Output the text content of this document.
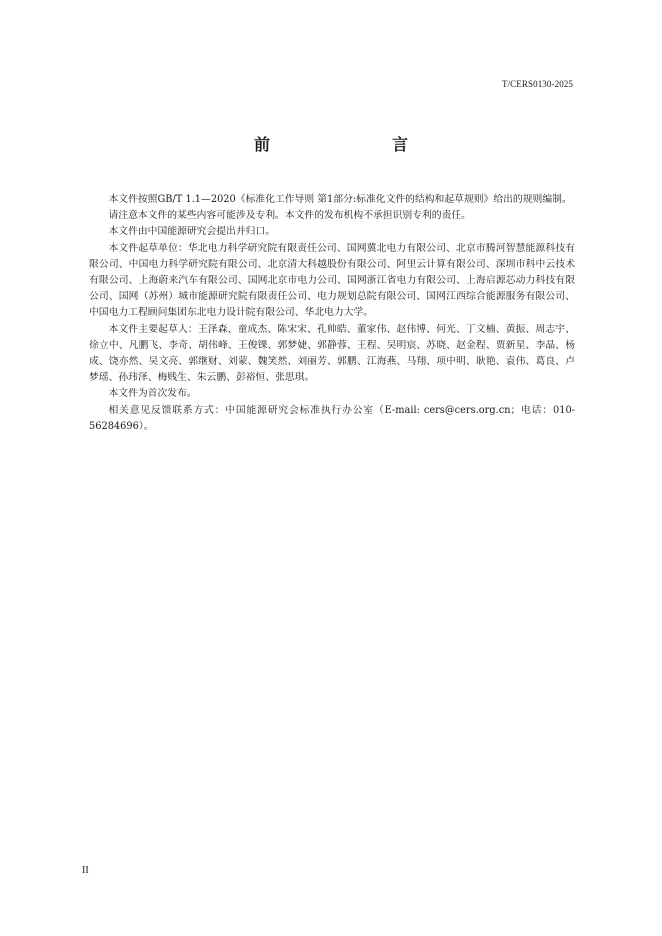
T/CERS0130-2025
前　　言

本文件按照GB/T 1.1—2020《标准化工作导则 第1部分:标准化文件的结构和起草规则》给出的规则编制。

请注意本文件的某些内容可能涉及专利。本文件的发布机构不承担识别专利的责任。

本文件由中国能源研究会提出并归口。

本文件起草单位：华北电力科学研究院有限责任公司、国网冀北电力有限公司、北京市腾河智慧能源科技有限公司、中国电力科学研究院有限公司、北京清大科越股份有限公司、阿里云计算有限公司、深圳市科中云技术有限公司、上海蔚来汽车有限公司、国网北京市电力公司、国网浙江省电力有限公司、上海启源芯动力科技有限公司、国网（苏州）城市能源研究院有限责任公司、电力规划总院有限公司、国网江西综合能源服务有限公司、中国电力工程顾问集团东北电力设计院有限公司、华北电力大学。

本文件主要起草人：王泽森、童成杰、陈宋宋、孔帅皓、董家伟、赵伟博、何光、丁文楠、黄振、周志宇、徐立中、凡鹏飞、李奇、胡伟峰、王俊锞、郭梦婕、郭静蓉、王程、吴明宸、苏晓、赵金程、贾新星、李晶、杨成、饶亦然、吴文亮、郭继财、刘蒙、魏笑然、刘丽芳、郭鹏、江海燕、马翔、项中明、耿艳、袁伟、葛良、卢梦瑶、孙玮泽、梅贱生、朱云鹏、彭裕恒、张思琪。

本文件为首次发布。

相关意见反馈联系方式：中国能源研究会标准执行办公室（E-mail: cers@cers.org.cn；电话：010-56284696）。

II
